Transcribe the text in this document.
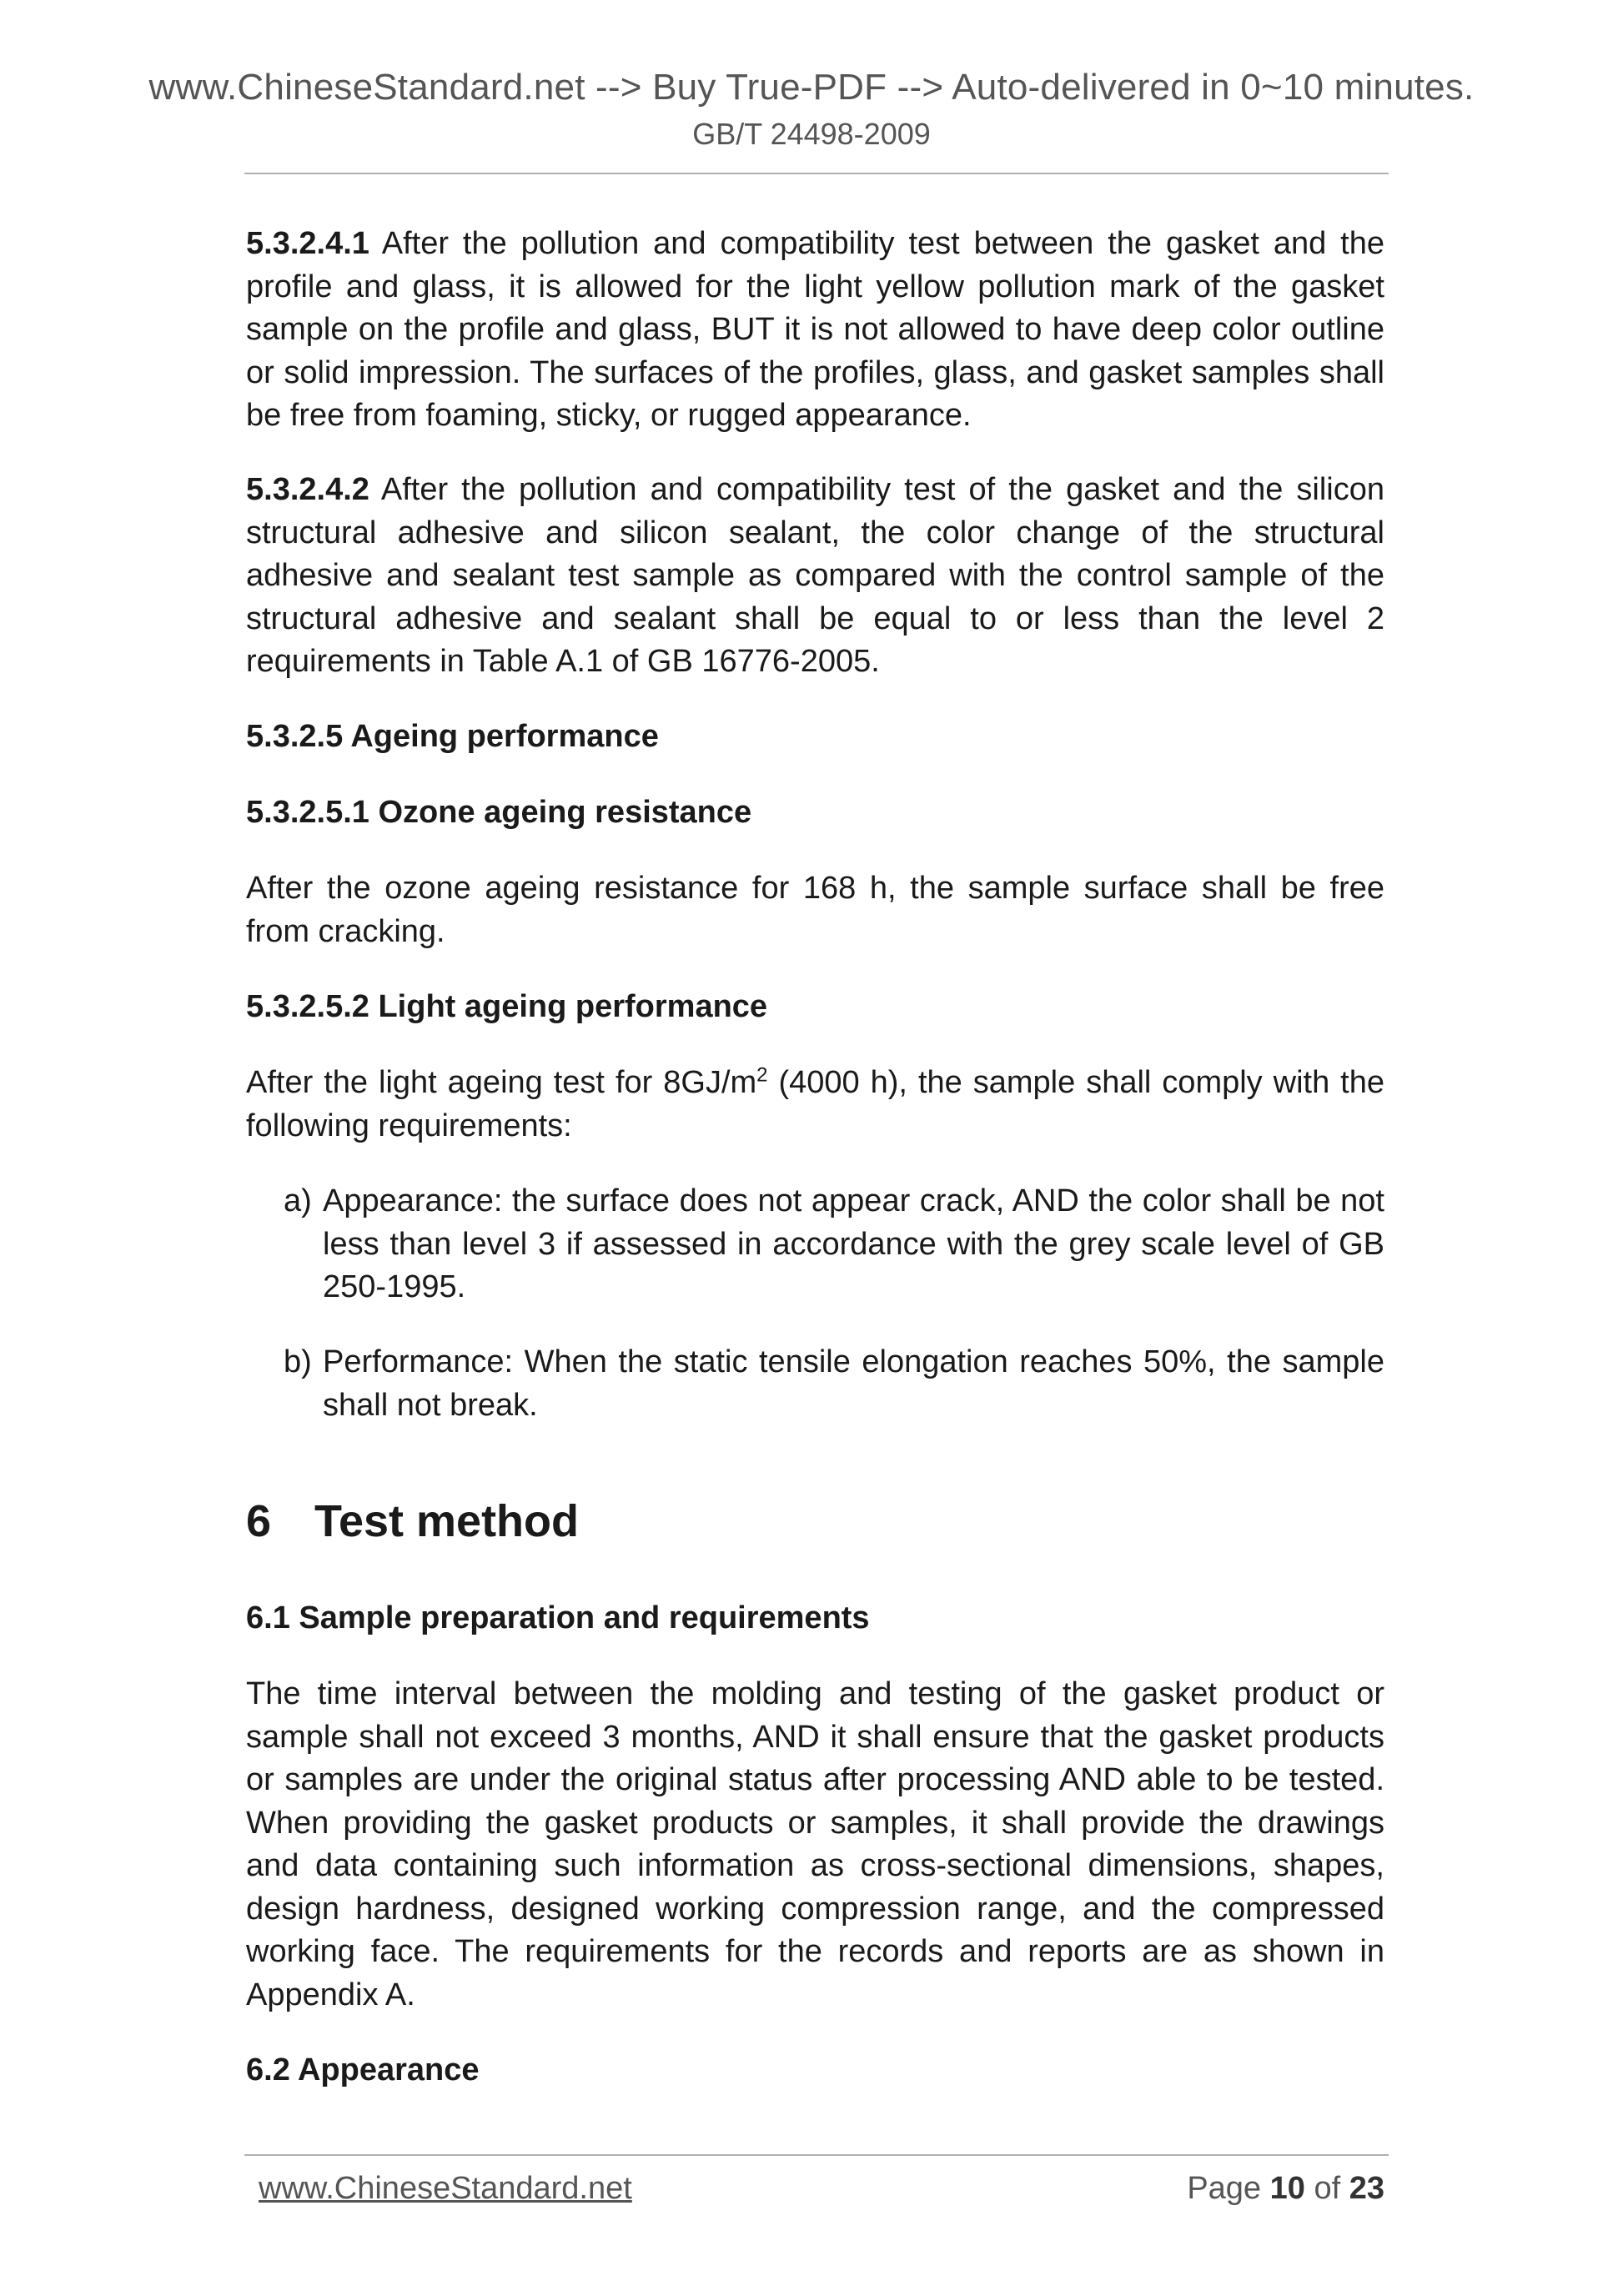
www.ChineseStandard.net --> Buy True-PDF --> Auto-delivered in 0~10 minutes.
GB/T 24498-2009

5.3.2.4.1 After the pollution and compatibility test between the gasket and the profile and glass, it is allowed for the light yellow pollution mark of the gasket sample on the profile and glass, BUT it is not allowed to have deep color outline or solid impression. The surfaces of the profiles, glass, and gasket samples shall be free from foaming, sticky, or rugged appearance.

5.3.2.4.2 After the pollution and compatibility test of the gasket and the silicon structural adhesive and silicon sealant, the color change of the structural adhesive and sealant test sample as compared with the control sample of the structural adhesive and sealant shall be equal to or less than the level 2 requirements in Table A.1 of GB 16776-2005.

5.3.2.5 Ageing performance

5.3.2.5.1 Ozone ageing resistance

After the ozone ageing resistance for 168 h, the sample surface shall be free from cracking.

5.3.2.5.2 Light ageing performance

After the light ageing test for $8GJ/m^2$ (4000 h), the sample shall comply with the following requirements:

a) Appearance: the surface does not appear crack, AND the color shall be not less than level 3 if assessed in accordance with the grey scale level of GB 250-1995.

b) Performance: When the static tensile elongation reaches 50%, the sample shall not break.

6 Test method

6.1 Sample preparation and requirements

The time interval between the molding and testing of the gasket product or sample shall not exceed 3 months, AND it shall ensure that the gasket products or samples are under the original status after processing AND able to be tested. When providing the gasket products or samples, it shall provide the drawings and data containing such information as cross-sectional dimensions, shapes, design hardness, designed working compression range, and the compressed working face. The requirements for the records and reports are as shown in Appendix A.

6.2 Appearance

www.ChineseStandard.net	Page 10 of 23
